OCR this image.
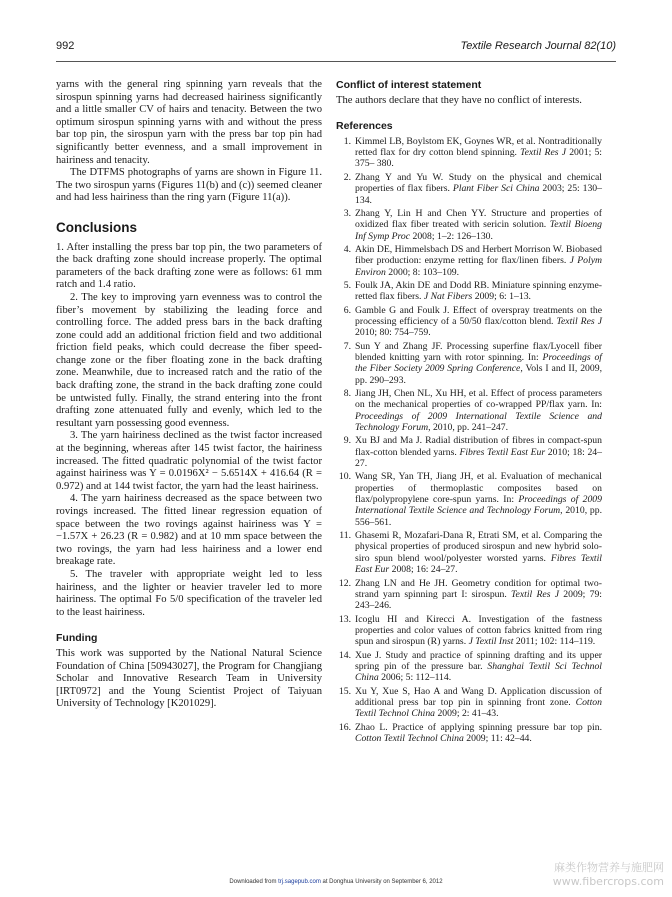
992	Textile Research Journal 82(10)

yarns with the general ring spinning yarn reveals that the sirospun spinning yarns had decreased hairiness significantly and a little smaller CV of hairs and tenacity. Between the two optimum sirospun spinning yarns with and without the press bar top pin, the sirospun yarn with the press bar top pin had significantly better evenness, and a small improvement in hairiness and tenacity.

The DTFMS photographs of yarns are shown in Figure 11. The two sirospun yarns (Figures 11(b) and (c)) seemed cleaner and had less hairiness than the ring yarn (Figure 11(a)).

Conclusions

1. After installing the press bar top pin, the two parameters of the back drafting zone should increase properly. The optimal parameters of the back drafting zone were as follows: 61 mm ratch and 1.4 ratio.

2. The key to improving yarn evenness was to control the fiber’s movement by stabilizing the leading force and controlling force. The added press bars in the back drafting zone could add an additional friction field and two additional friction field peaks, which could decrease the fiber speed-change zone or the fiber floating zone in the back drafting zone. Meanwhile, due to increased ratch and the ratio of the back drafting zone, the strand in the back drafting zone could be untwisted fully. Finally, the strand entering into the front drafting zone attenuated fully and evenly, which led to the resultant yarn possessing good evenness.

3. The yarn hairiness declined as the twist factor increased at the beginning, whereas after 145 twist factor, the hairiness increased. The fitted quadratic polynomial of the twist factor against hairiness was Y = 0.0196X² − 5.6514X + 416.64 (R = 0.972) and at 144 twist factor, the yarn had the least hairiness.

4. The yarn hairiness decreased as the space between two rovings increased. The fitted linear regression equation of space between the two rovings against hairiness was Y = −1.57X + 26.23 (R = 0.982) and at 10 mm space between the two rovings, the yarn had less hairiness and a lower end breakage rate.

5. The traveler with appropriate weight led to less hairiness, and the lighter or heavier traveler led to more hairiness. The optimal Fo 5/0 specification of the traveler led to the least hairiness.

Funding

This work was supported by the National Natural Science Foundation of China [50943027], the Program for Changjiang Scholar and Innovative Research Team in University [IRT0972] and the Young Scientist Project of Taiyuan University of Technology [K201029].

Conflict of interest statement

The authors declare that they have no conflict of interests.

References
1. Kimmel LB, Boylstom EK, Goynes WR, et al. Nontraditionally retted flax for dry cotton blend spinning. Textil Res J 2001; 5: 375– 380.
2. Zhang Y and Yu W. Study on the physical and chemical properties of flax fibers. Plant Fiber Sci China 2003; 25: 130–134.
3. Zhang Y, Lin H and Chen YY. Structure and properties of oxidized flax fiber treated with sericin solution. Textil Bioeng Inf Symp Proc 2008; 1–2: 126–130.
4. Akin DE, Himmelsbach DS and Herbert Morrison W. Biobased fiber production: enzyme retting for flax/linen fibers. J Polym Environ 2000; 8: 103–109.
5. Foulk JA, Akin DE and Dodd RB. Miniature spinning enzyme-retted flax fibers. J Nat Fibers 2009; 6: 1–13.
6. Gamble G and Foulk J. Effect of overspray treatments on the processing efficiency of a 50/50 flax/cotton blend. Textil Res J 2010; 80: 754–759.
7. Sun Y and Zhang JF. Processing superfine flax/Lyocell fiber blended knitting yarn with rotor spinning. In: Proceedings of the Fiber Society 2009 Spring Conference, Vols I and II, 2009, pp. 290–293.
8. Jiang JH, Chen NL, Xu HH, et al. Effect of process parameters on the mechanical properties of co-wrapped PP/flax yarn. In: Proceedings of 2009 International Textile Science and Technology Forum, 2010, pp. 241–247.
9. Xu BJ and Ma J. Radial distribution of fibres in compact-spun flax-cotton blended yarns. Fibres Textil East Eur 2010; 18: 24–27.
10. Wang SR, Yan TH, Jiang JH, et al. Evaluation of mechanical properties of thermoplastic composites based on flax/polypropylene core-spun yarns. In: Proceedings of 2009 International Textile Science and Technology Forum, 2010, pp. 556–561.
11. Ghasemi R, Mozafari-Dana R, Etrati SM, et al. Comparing the physical properties of produced sirospun and new hybrid solo-siro spun blend wool/polyester worsted yarns. Fibres Textil East Eur 2008; 16: 24–27.
12. Zhang LN and He JH. Geometry condition for optimal two-strand yarn spinning part I: sirospun. Textil Res J 2009; 79: 243–246.
13. Icoglu HI and Kirecci A. Investigation of the fastness properties and color values of cotton fabrics knitted from ring spun and sirospun (R) yarns. J Textil Inst 2011; 102: 114–119.
14. Xue J. Study and practice of spinning drafting and its upper spring pin of the pressure bar. Shanghai Textil Sci Technol China 2006; 5: 112–114.
15. Xu Y, Xue S, Hao A and Wang D. Application discussion of additional press bar top pin in spinning front zone. Cotton Textil Technol China 2009; 2: 41–43.
16. Zhao L. Practice of applying spinning pressure bar top pin. Cotton Textil Technol China 2009; 11: 42–44.
麻类作物营养与施肥网
www.fibercrops.com
Downloaded from trj.sagepub.com at Donghua University on September 6, 2012
